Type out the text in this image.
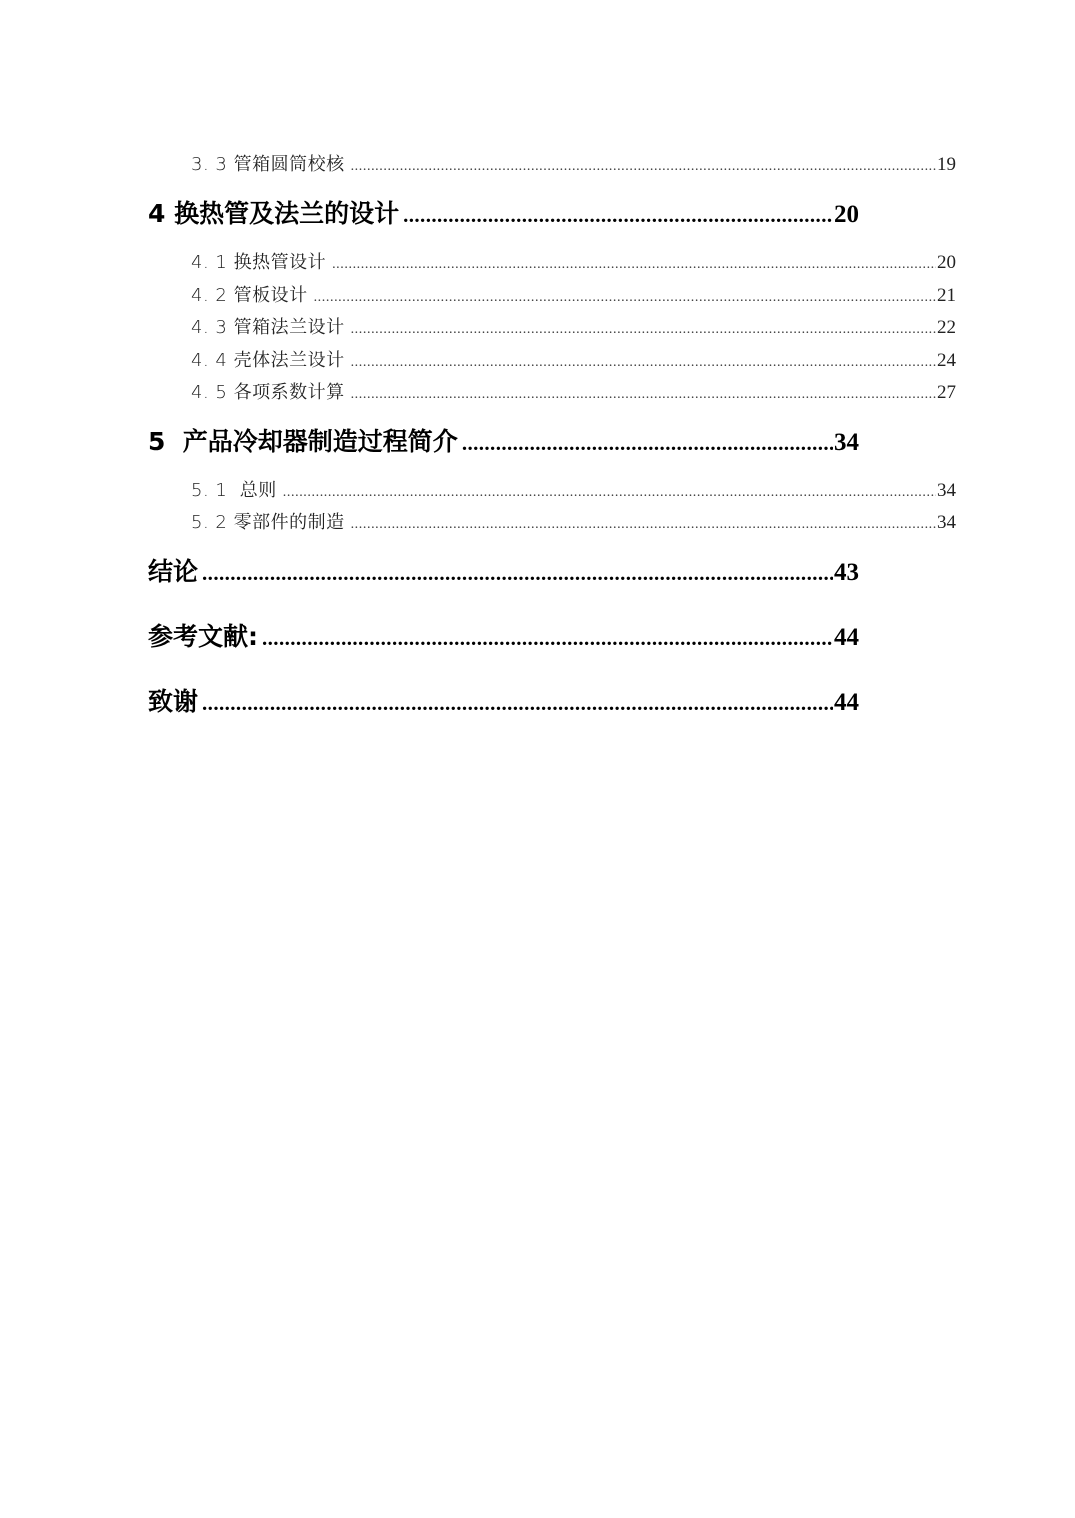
3. 3 管箱圆筒校核 .....	19
4 换热管及法兰的设计 .....	20
4. 1 换热管设计 .....	20
4. 2 管板设计 .....	21
4. 3 管箱法兰设计 .....	22
4. 4 壳体法兰设计 .....	24
4. 5 各项系数计算 .....	27
5  产品冷却器制造过程简介 .....	34
5. 1  总则 .....	34
5. 2 零部件的制造 .....	34
结论 .....	43
参考文献: .....	44
致谢 .....	44
